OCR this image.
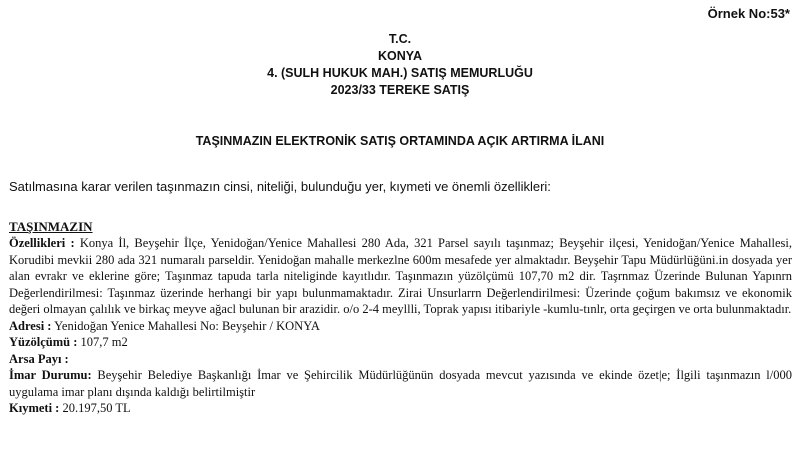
Örnek No:53*
T.C.
KONYA
4. (SULH HUKUK MAH.) SATIŞ MEMURLUĞU
2023/33 TEREKE SATIŞ
TAŞINMAZIN ELEKTRONİK SATIŞ ORTAMINDA AÇIK ARTIRMA İLANI
Satılmasına karar verilen taşınmazın cinsi, niteliği, bulunduğu yer, kıymeti ve önemli özellikleri:
TAŞINMAZIN
Özellikleri : Konya İl, Beyşehir İlçe, Yenidoğan/Yenice Mahallesi 280 Ada, 321 Parsel sayılı taşınmaz; Beyşehir ilçesi, Yenidoğan/Yenice Mahallesi, Korudibi mevkii 280 ada 321 numaralı parseldir. Yenidoğan mahalle merkezlne 600m mesafede yer almaktadır. Beyşehir Tapu Müdürlüğüni.in dosyada yer alan evrakr ve eklerine göre; Taşınmaz tapuda tarla niteliginde kayıtlıdır. Taşınmazın yüzölçümü 107,70 m2 dir. Taşrnmaz Üzerinde Bulunan Yapınrn Değerlendirilmesi: Taşınmaz üzerinde herhangi bir yapı bulunmamaktadır. Zirai Unsurlarrn Değerlendirilmesi: Üzerinde çoğum bakımsız ve ekonomik değeri olmayan çalılık ve birkaç meyve ağacl bulunan bir arazidir. o/o 2-4 meyllli, Toprak yapısı itibariyle -kumlu-tınlr, orta geçirgen ve orta bulunmaktadır.
Adresi : Yenidoğan Yenice Mahallesi No: Beyşehir / KONYA
Yüzölçümü : 107,7 m2
Arsa Payı :
İmar Durumu: Beyşehir Belediye Başkanlığı İmar ve Şehircilik Müdürlüğünün dosyada mevcut yazısında ve ekinde özet|e; İlgili taşınmazın l/000 uygulama imar planı dışında kaldığı belirtilmiştir
Kıymeti : 20.197,50 TL
